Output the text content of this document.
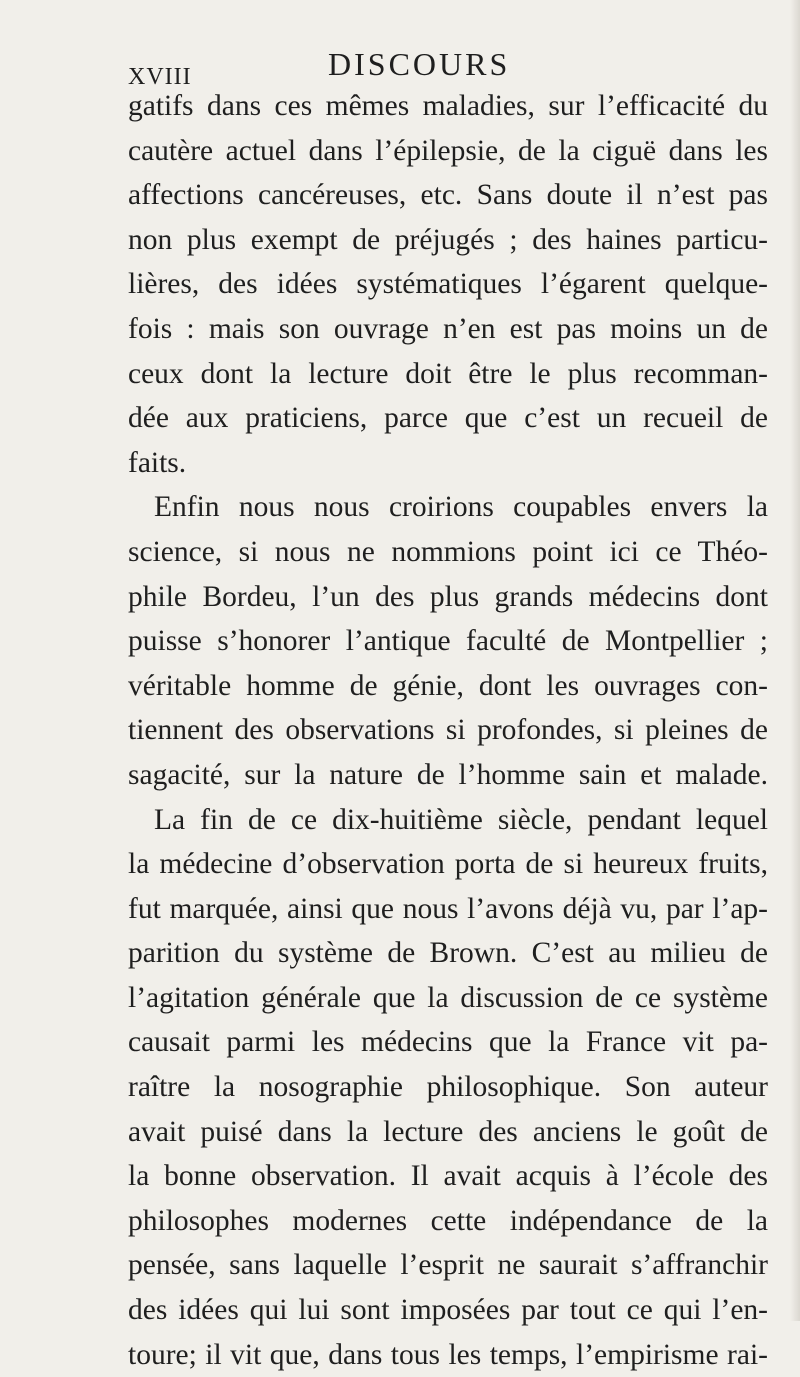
XVIII	DISCOURS
gatifs dans ces mêmes maladies, sur l’efficacité du
cautère actuel dans l’épilepsie, de la ciguë dans les
affections cancéreuses, etc. Sans doute il n’est pas
non plus exempt de préjugés ; des haines particu-
lières, des idées systématiques l’égarent quelque-
fois : mais son ouvrage n’en est pas moins un de
ceux dont la lecture doit être le plus recomman-
dée aux praticiens, parce que c’est un recueil de
faits.
Enfin nous nous croirions coupables envers la
science, si nous ne nommions point ici ce Théo-
phile Bordeu, l’un des plus grands médecins dont
puisse s’honorer l’antique faculté de Montpellier ;
véritable homme de génie, dont les ouvrages con-
tiennent des observations si profondes, si pleines de
sagacité, sur la nature de l’homme sain et malade.
La fin de ce dix-huitième siècle, pendant lequel
la médecine d’observation porta de si heureux fruits,
fut marquée, ainsi que nous l’avons déjà vu, par l’ap-
parition du système de Brown. C’est au milieu de
l’agitation générale que la discussion de ce système
causait parmi les médecins que la France vit pa-
raître la nosographie philosophique. Son auteur
avait puisé dans la lecture des anciens le goût de
la bonne observation. Il avait acquis à l’école des
philosophes modernes cette indépendance de la
pensée, sans laquelle l’esprit ne saurait s’affranchir
des idées qui lui sont imposées par tout ce qui l’en-
toure; il vit que, dans tous les temps, l’empirisme rai-
